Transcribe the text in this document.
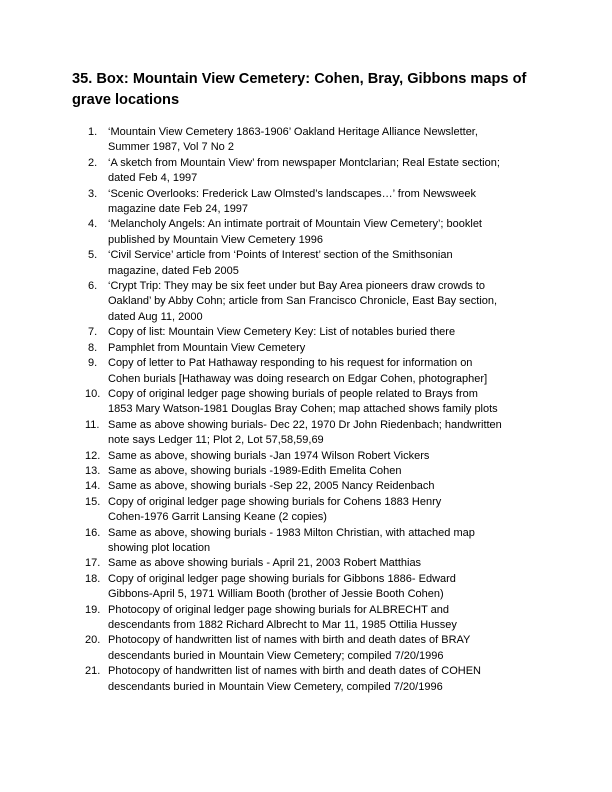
35. Box: Mountain View Cemetery: Cohen, Bray, Gibbons maps of grave locations
1. ‘Mountain View Cemetery 1863-1906’ Oakland Heritage Alliance Newsletter,
Summer 1987, Vol 7 No 2
2. ‘A sketch from Mountain View’ from newspaper Montclarian; Real Estate section;
dated Feb 4, 1997
3. ‘Scenic Overlooks: Frederick Law Olmsted’s landscapes…’ from Newsweek
magazine date Feb 24, 1997
4. ‘Melancholy Angels: An intimate portrait of Mountain View Cemetery’; booklet
published by Mountain View Cemetery 1996
5. ‘Civil Service’ article from ‘Points of Interest’ section of the Smithsonian
magazine, dated Feb 2005
6. ‘Crypt Trip: They may be six feet under but Bay Area pioneers draw crowds to
Oakland’ by Abby Cohn; article from San Francisco Chronicle, East Bay section,
dated Aug 11, 2000
7. Copy of list: Mountain View Cemetery Key: List of notables buried there
8. Pamphlet from Mountain View Cemetery
9. Copy of letter to Pat Hathaway responding to his request for information on
Cohen burials [Hathaway was doing research on Edgar Cohen, photographer]
10. Copy of original ledger page showing burials of people related to Brays from
1853 Mary Watson-1981 Douglas Bray Cohen; map attached shows family plots
11. Same as above showing burials- Dec 22, 1970 Dr John Riedenbach; handwritten
note says Ledger 11; Plot 2, Lot 57,58,59,69
12. Same as above, showing burials -Jan 1974 Wilson Robert Vickers
13. Same as above, showing burials -1989-Edith Emelita Cohen
14. Same as above, showing burials -Sep 22, 2005 Nancy Reidenbach
15. Copy of original ledger page showing burials for Cohens 1883 Henry
Cohen-1976 Garrit Lansing Keane (2 copies)
16. Same as above, showing burials - 1983 Milton Christian, with attached map
showing plot location
17. Same as above showing burials - April 21, 2003 Robert Matthias
18. Copy of original ledger page showing burials for Gibbons 1886- Edward
Gibbons-April 5, 1971 William Booth (brother of Jessie Booth Cohen)
19. Photocopy of original ledger page showing burials for ALBRECHT and
descendants from 1882 Richard Albrecht to Mar 11, 1985 Ottilia Hussey
20. Photocopy of handwritten list of names with birth and death dates of BRAY
descendants buried in Mountain View Cemetery; compiled 7/20/1996
21. Photocopy of handwritten list of names with birth and death dates of COHEN
descendants buried in Mountain View Cemetery, compiled 7/20/1996
